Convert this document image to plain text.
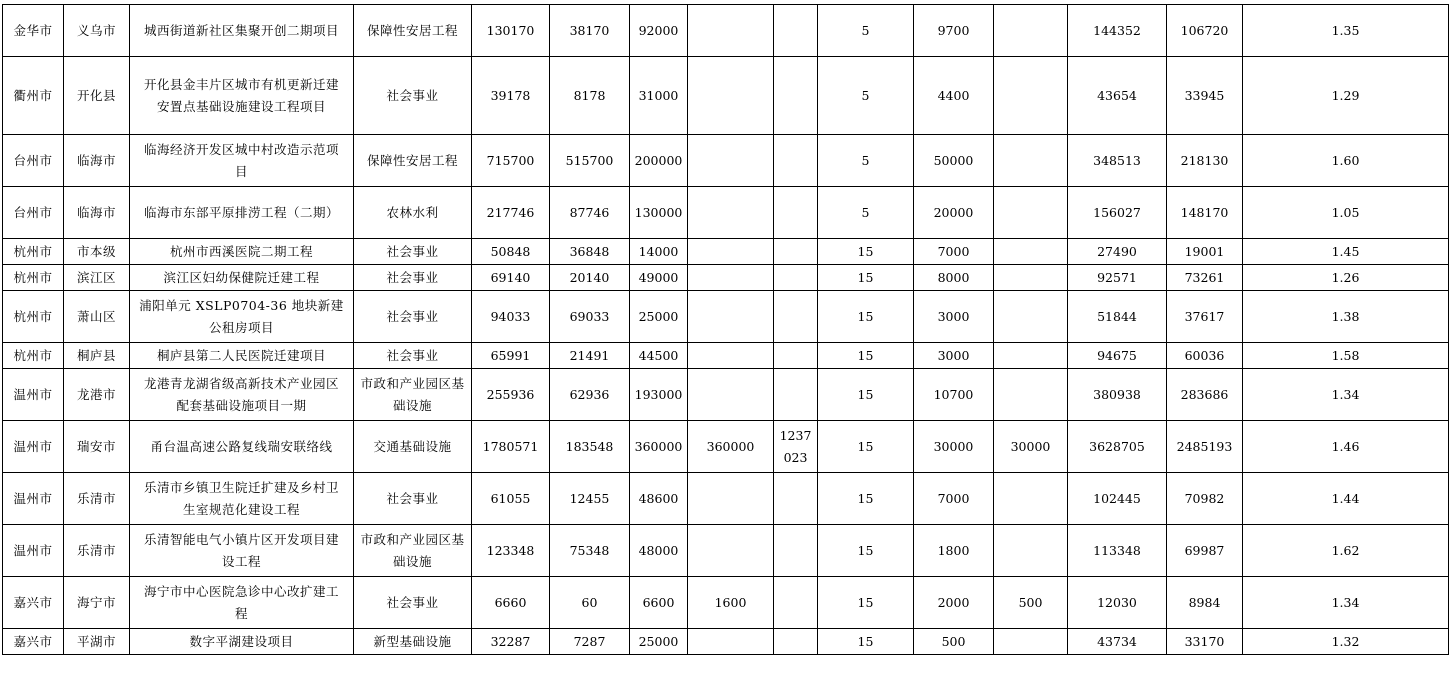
金华市	义乌市	城西街道新社区集聚开创二期项目	保障性安居工程	130170	38170	92000			5	9700		144352	106720	1.35
衢州市	开化县	开化县金丰片区城市有机更新迁建安置点基础设施建设工程项目	社会事业	39178	8178	31000			5	4400		43654	33945	1.29
台州市	临海市	临海经济开发区城中村改造示范项目	保障性安居工程	715700	515700	200000			5	50000		348513	218130	1.60
台州市	临海市	临海市东部平原排涝工程（二期）	农林水利	217746	87746	130000			5	20000		156027	148170	1.05
杭州市	市本级	杭州市西溪医院二期工程	社会事业	50848	36848	14000			15	7000		27490	19001	1.45
杭州市	滨江区	滨江区妇幼保健院迁建工程	社会事业	69140	20140	49000			15	8000		92571	73261	1.26
杭州市	萧山区	浦阳单元 XSLP0704-36 地块新建公租房项目	社会事业	94033	69033	25000			15	3000		51844	37617	1.38
杭州市	桐庐县	桐庐县第二人民医院迁建项目	社会事业	65991	21491	44500			15	3000		94675	60036	1.58
温州市	龙港市	龙港青龙湖省级高新技术产业园区配套基础设施项目一期	市政和产业园区基础设施	255936	62936	193000			15	10700		380938	283686	1.34
温州市	瑞安市	甬台温高速公路复线瑞安联络线	交通基础设施	1780571	183548	360000	360000	1237023	15	30000	30000	3628705	2485193	1.46
温州市	乐清市	乐清市乡镇卫生院迁扩建及乡村卫生室规范化建设工程	社会事业	61055	12455	48600			15	7000		102445	70982	1.44
温州市	乐清市	乐清智能电气小镇片区开发项目建设工程	市政和产业园区基础设施	123348	75348	48000			15	1800		113348	69987	1.62
嘉兴市	海宁市	海宁市中心医院急诊中心改扩建工程	社会事业	6660	60	6600	1600		15	2000	500	12030	8984	1.34
嘉兴市	平湖市	数字平湖建设项目	新型基础设施	32287	7287	25000			15	500		43734	33170	1.32
